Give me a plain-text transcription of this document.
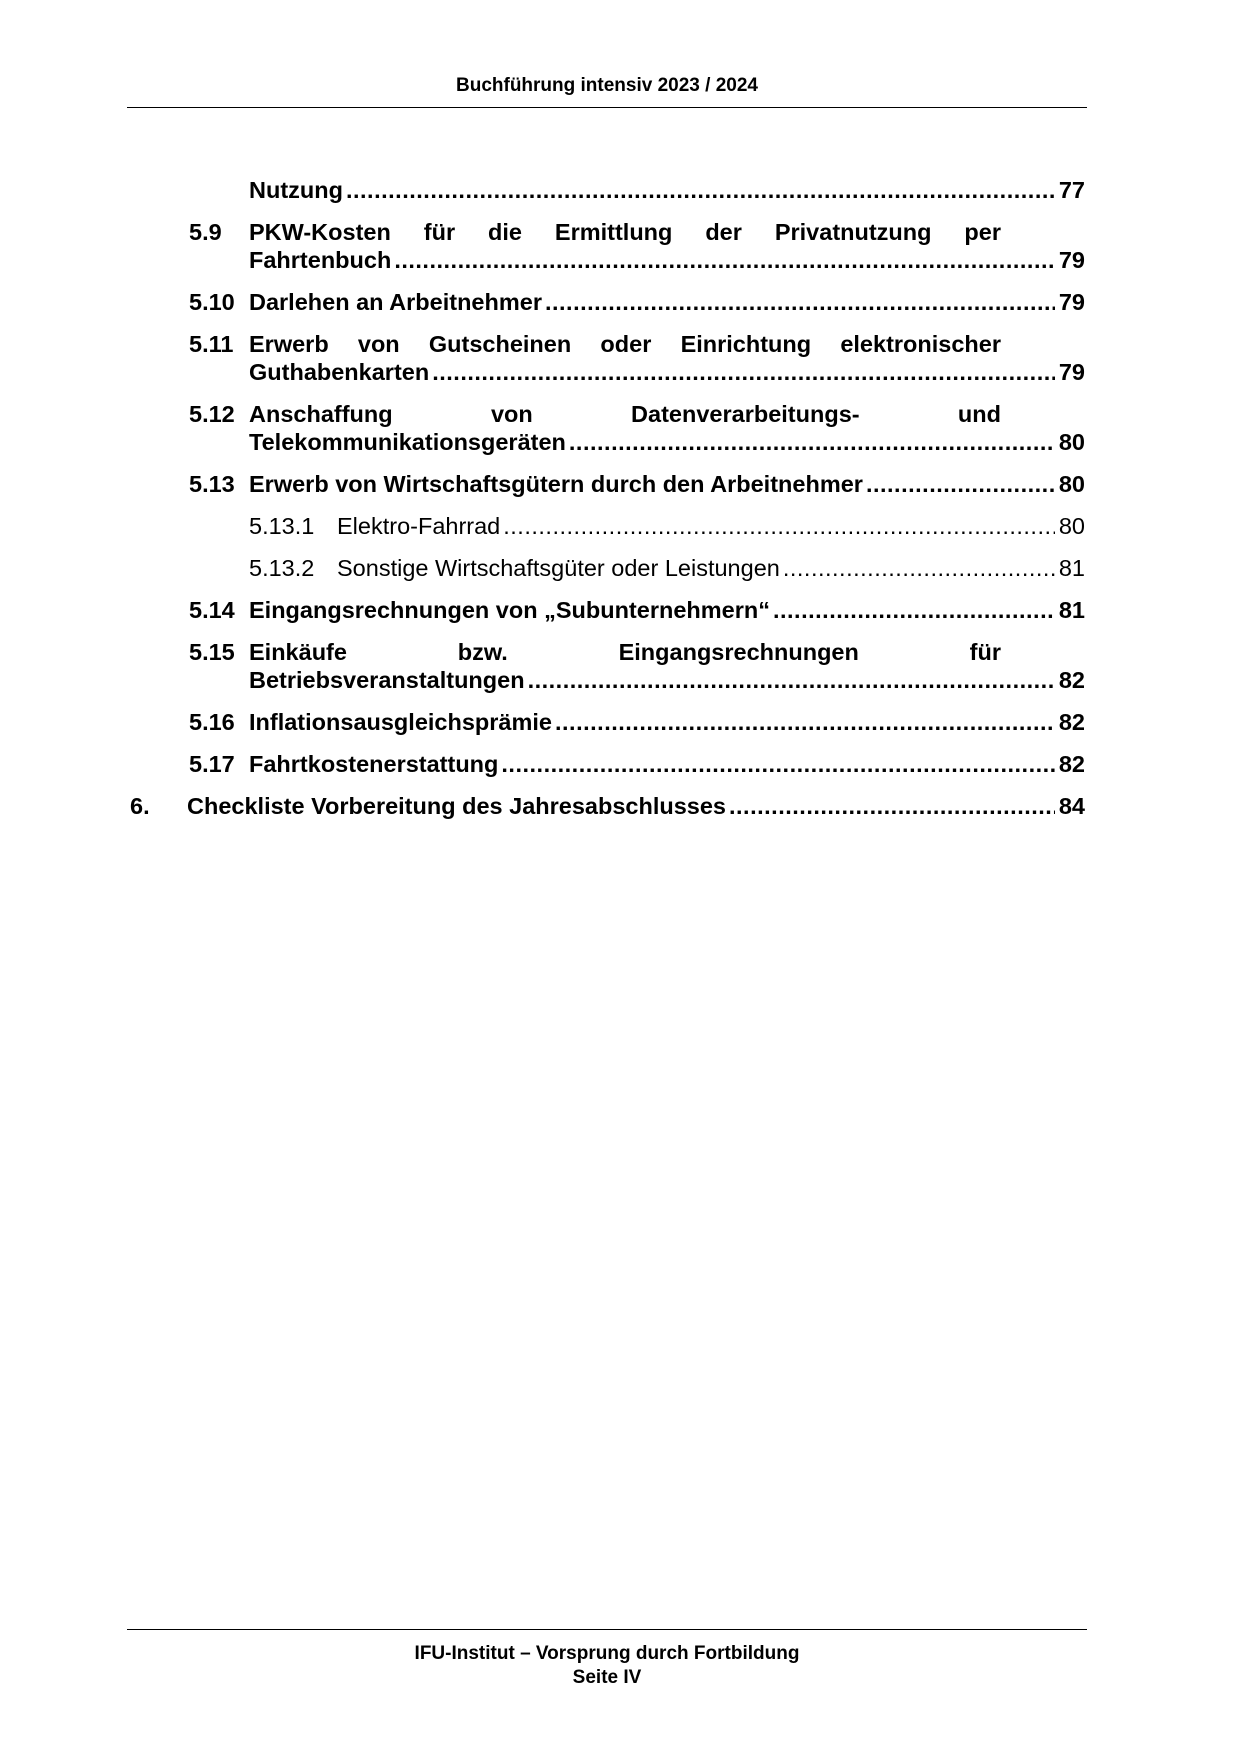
Buchführung intensiv 2023 / 2024
Nutzung .....	77
5.9 PKW-Kosten für die Ermittlung der Privatnutzung per
Fahrtenbuch .....	79
5.10 Darlehen an Arbeitnehmer .....	79
5.11 Erwerb von Gutscheinen oder Einrichtung elektronischer
Guthabenkarten .....	79
5.12 Anschaffung von Datenverarbeitungs- und
Telekommunikationsgeräten .....	80
5.13 Erwerb von Wirtschaftsgütern durch den Arbeitnehmer .....	80
5.13.1 Elektro-Fahrrad .....	80
5.13.2 Sonstige Wirtschaftsgüter oder Leistungen .....	81
5.14 Eingangsrechnungen von „Subunternehmern“ .....	81
5.15 Einkäufe bzw. Eingangsrechnungen für
Betriebsveranstaltungen .....	82
5.16 Inflationsausgleichsprämie .....	82
5.17 Fahrtkostenerstattung .....	82
6. Checkliste Vorbereitung des Jahresabschlusses .....	84
IFU-Institut – Vorsprung durch Fortbildung
Seite IV
